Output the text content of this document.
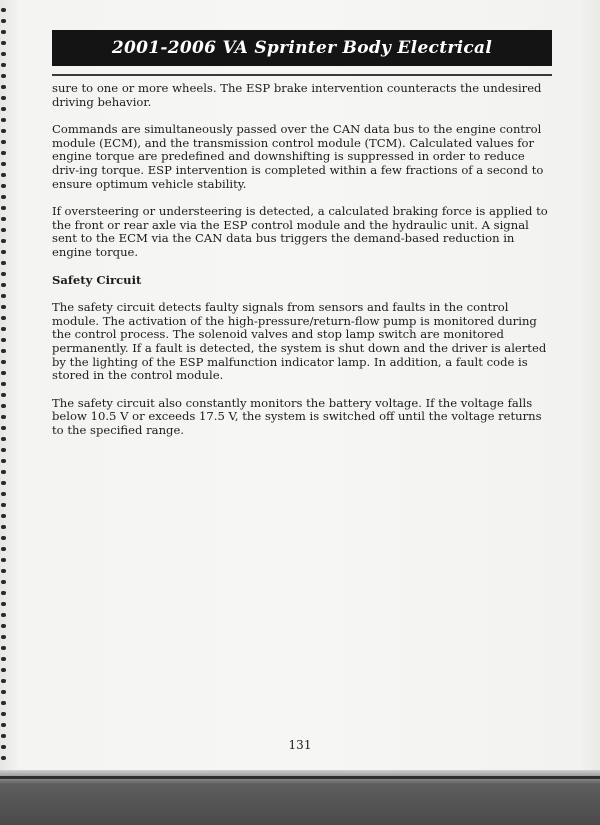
2001-2006 VA Sprinter Body Electrical

sure to one or more wheels. The ESP brake intervention counteracts the undesired driving behavior.

Commands are simultaneously passed over the CAN data bus to the engine control module (ECM), and the transmission control module (TCM). Calculated values for engine torque are predefined and downshifting is suppressed in order to reduce driv-ing torque. ESP intervention is completed within a few fractions of a second to ensure optimum vehicle stability.

If oversteering or understeering is detected, a calculated braking force is applied to the front or rear axle via the ESP control module and the hydraulic unit. A signal sent to the ECM via the CAN data bus triggers the demand-based reduction in engine torque.

Safety Circuit

The safety circuit detects faulty signals from sensors and faults in the control module. The activation of the high-pressure/return-flow pump is monitored during the control process. The solenoid valves and stop lamp switch are monitored permanently. If a fault is detected, the system is shut down and the driver is alerted by the lighting of the ESP malfunction indicator lamp. In addition, a fault code is stored in the control module.

The safety circuit also constantly monitors the battery voltage. If the voltage falls below 10.5 V or exceeds 17.5 V, the system is switched off until the voltage returns to the specified range.

131
